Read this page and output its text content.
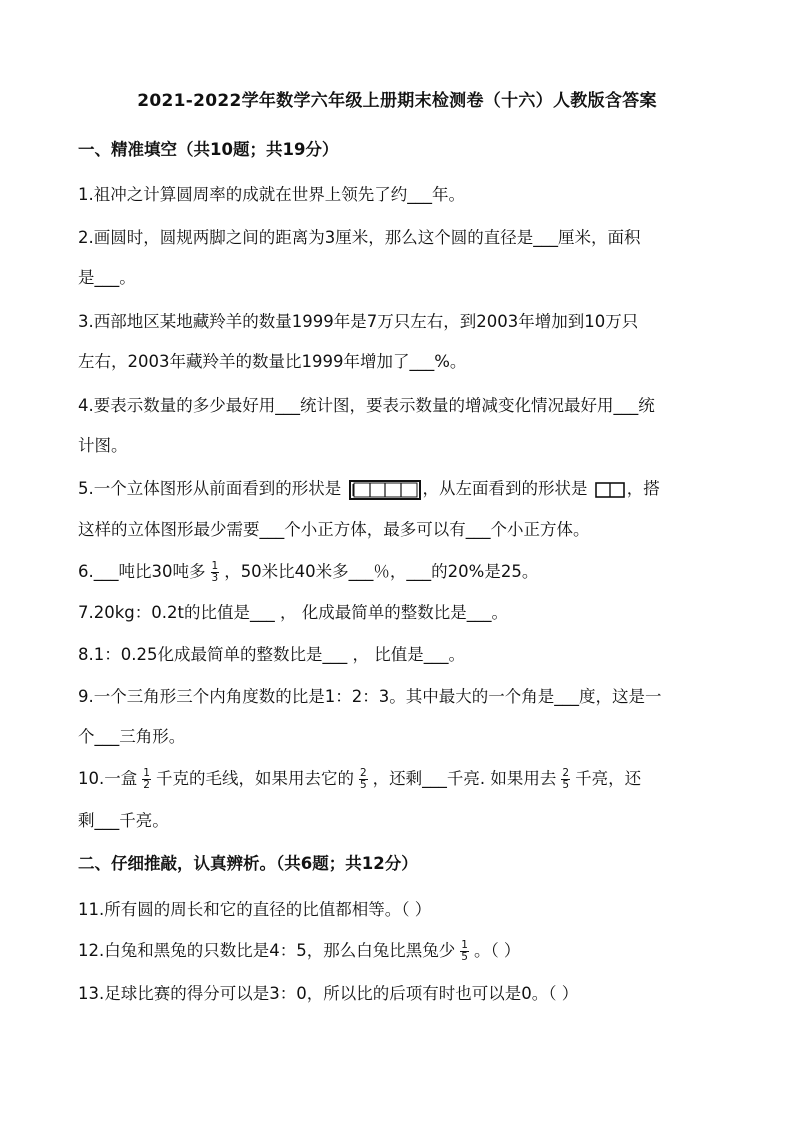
2021-2022学年数学六年级上册期末检测卷（十六）人教版含答案
一、精准填空（共10题；共19分）
1.祖冲之计算圆周率的成就在世界上领先了约___年。
2.画圆时，圆规两脚之间的距离为3厘米，那么这个圆的直径是___厘米，面积
是___。
3.西部地区某地藏羚羊的数量1999年是7万只左右，到2003年增加到10万只
左右，2003年藏羚羊的数量比1999年增加了___%。
4.要表示数量的多少最好用___统计图，要表示数量的增减变化情况最好用___统
计图。
5.一个立体图形从前面看到的形状是	，从左面看到的形状是 ，搭
这样的立体图形最少需要___个小正方体，最多可以有___个小正方体。
6.___吨比30吨多 $\frac{1}{3}$ ，50米比40米多___％，___的20%是25。
7.20kg：0.2t的比值是___ ， 化成最简单的整数比是___。
8.1：0.25化成最简单的整数比是___ ， 比值是___。
9.一个三角形三个内角度数的比是1：2：3。其中最大的一个角是___度，这是一
个___三角形。
10.一盒 $\frac{1}{2}$ 千克的毛线，如果用去它的 $\frac{2}{5}$ ，还剩___千亮. 如果用去 $\frac{2}{5}$ 千亮，还
剩___千亮。
二、仔细推敲，认真辨析。（共6题；共12分）
11.所有圆的周长和它的直径的比值都相等。（ ）
12.白兔和黑兔的只数比是4：5，那么白兔比黑兔少 $\frac{1}{5}$ 。（ ）
13.足球比赛的得分可以是3：0，所以比的后项有时也可以是0。（ ）
